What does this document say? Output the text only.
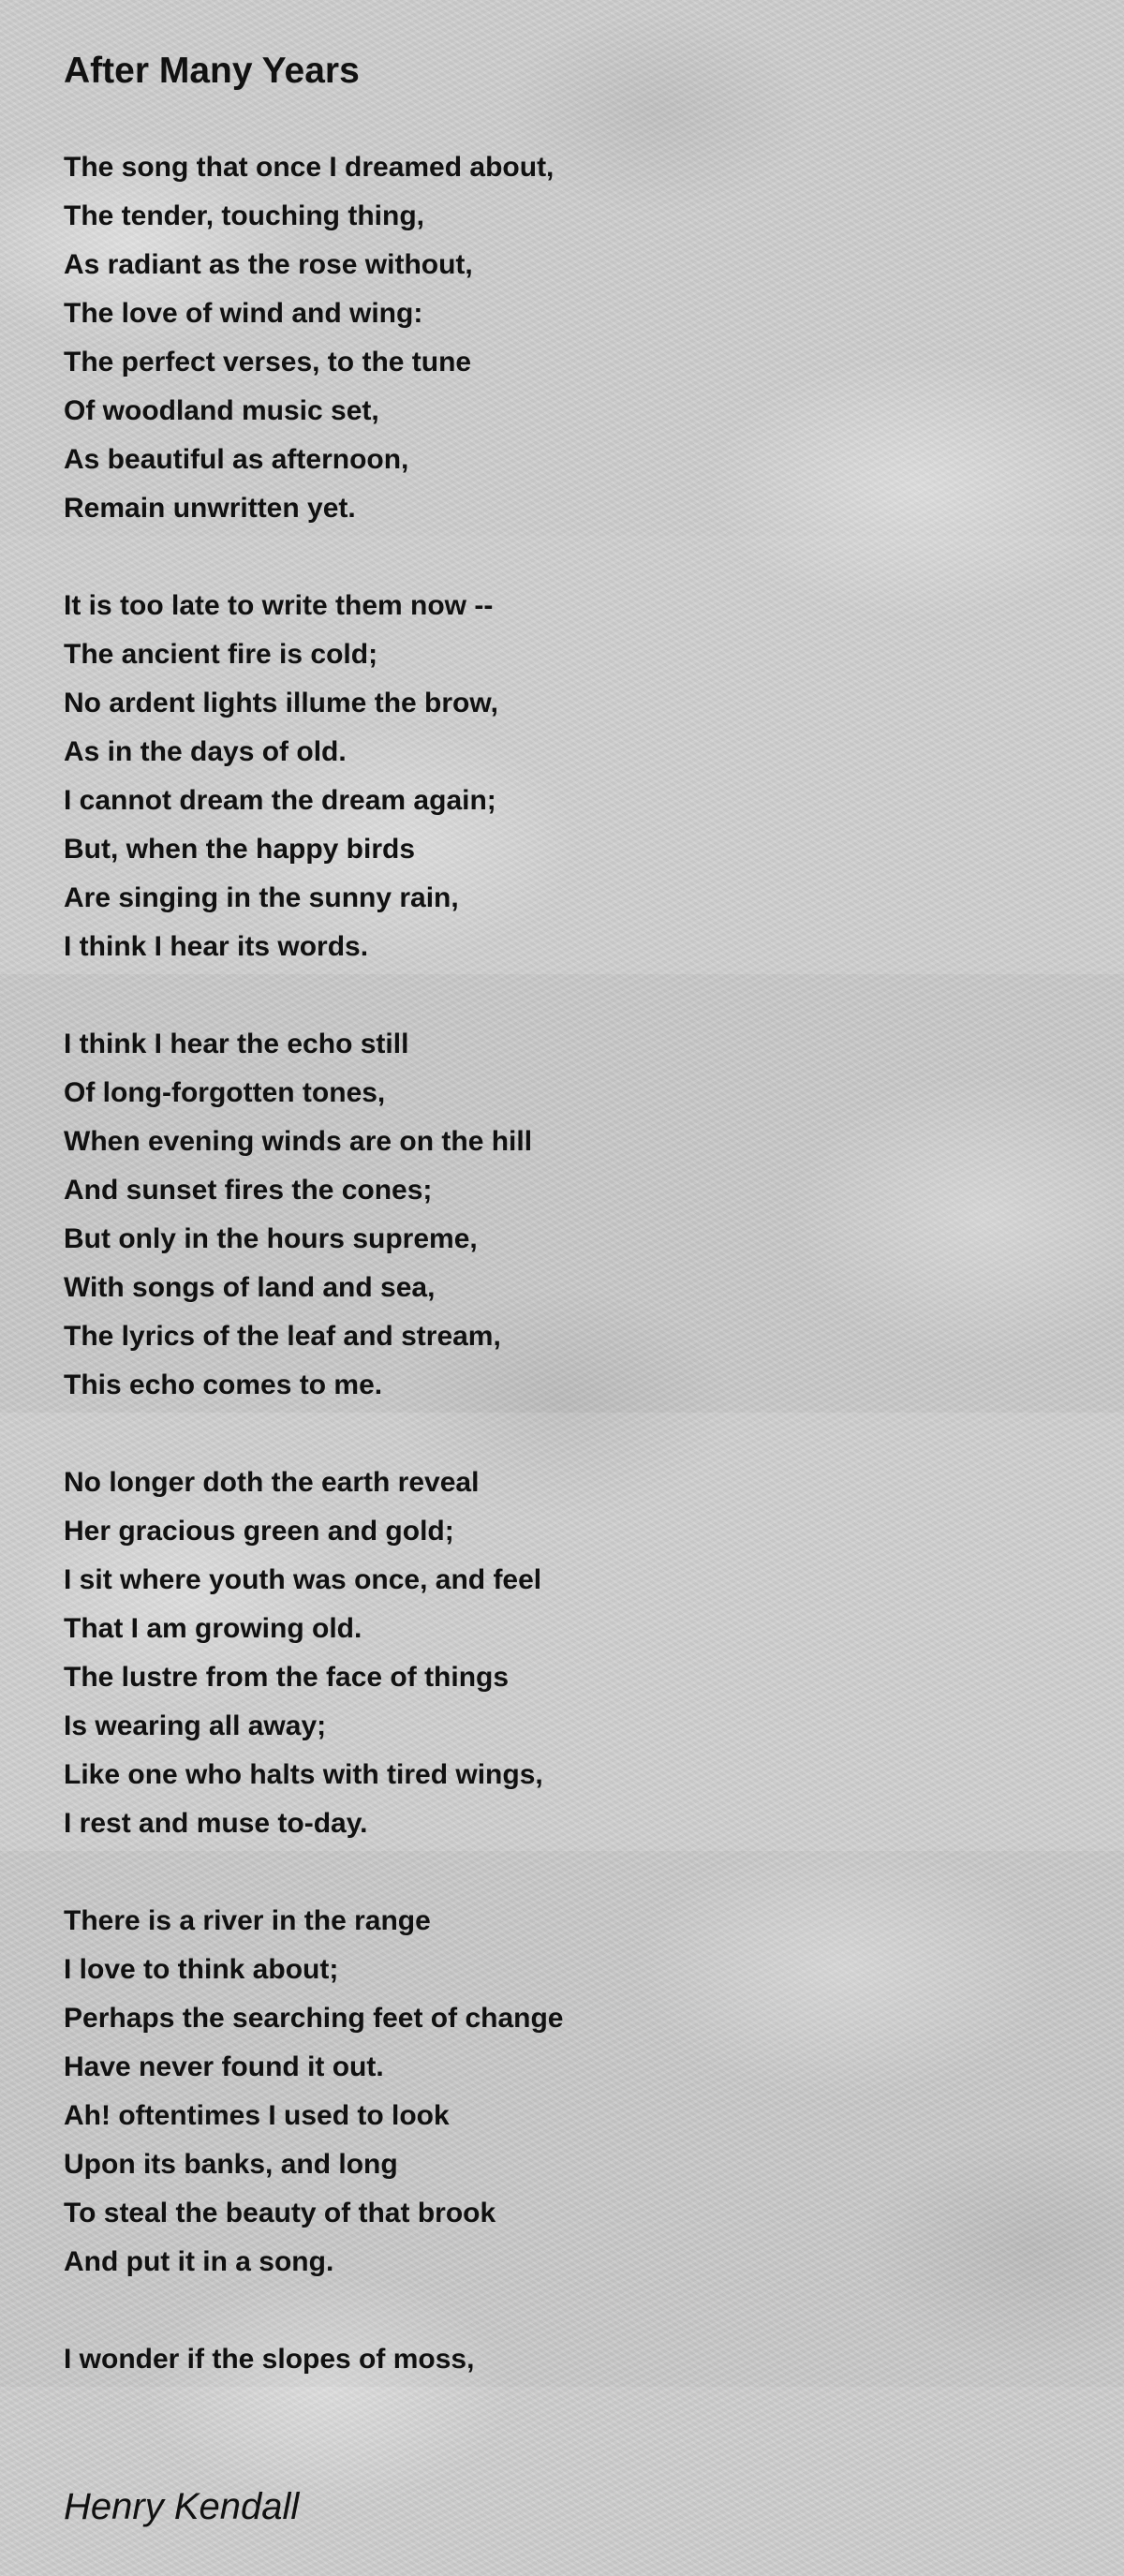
After Many Years
The song that once I dreamed about,
The tender, touching thing,
As radiant as the rose without,
The love of wind and wing:
The perfect verses, to the tune
Of woodland music set,
As beautiful as afternoon,
Remain unwritten yet.
It is too late to write them now --
The ancient fire is cold;
No ardent lights illume the brow,
As in the days of old.
I cannot dream the dream again;
But, when the happy birds
Are singing in the sunny rain,
I think I hear its words.
I think I hear the echo still
Of long-forgotten tones,
When evening winds are on the hill
And sunset fires the cones;
But only in the hours supreme,
With songs of land and sea,
The lyrics of the leaf and stream,
This echo comes to me.
No longer doth the earth reveal
Her gracious green and gold;
I sit where youth was once, and feel
That I am growing old.
The lustre from the face of things
Is wearing all away;
Like one who halts with tired wings,
I rest and muse to-day.
There is a river in the range
I love to think about;
Perhaps the searching feet of change
Have never found it out.
Ah! oftentimes I used to look
Upon its banks, and long
To steal the beauty of that brook
And put it in a song.
I wonder if the slopes of moss,

Henry Kendall
